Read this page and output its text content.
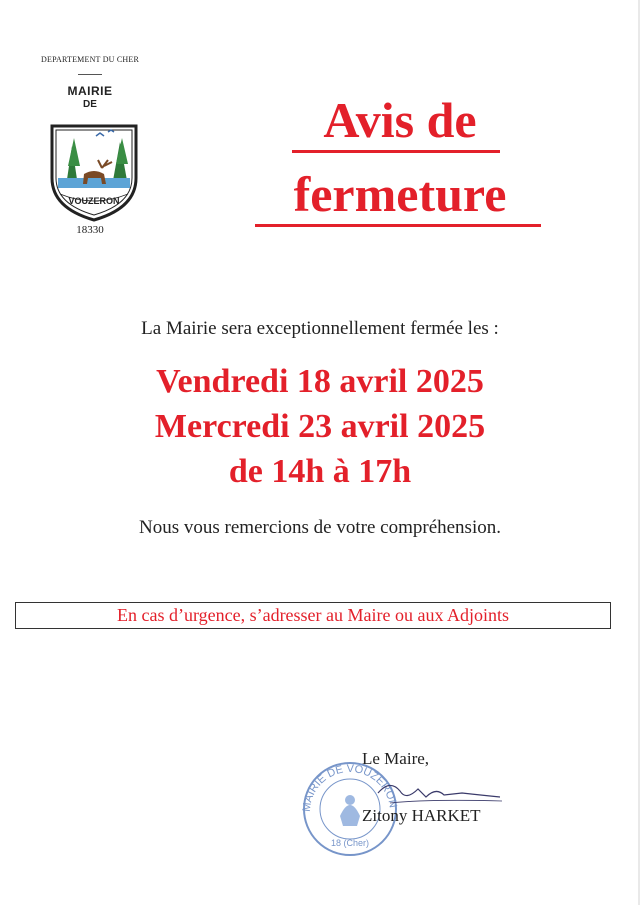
DEPARTEMENT DU CHER
MAIRIE
DE
VOUZERON
18330
Avis de
fermeture
La Mairie sera exceptionnellement fermée les :
Vendredi 18 avril 2025
Mercredi 23 avril 2025
de 14h à 17h
Nous vous remercions de votre compréhension.
En cas d’urgence, s’adresser au Maire ou aux Adjoints
MAIRIE DE VOUZERON
18 (Cher)
Le Maire,
Zitony HARKET
